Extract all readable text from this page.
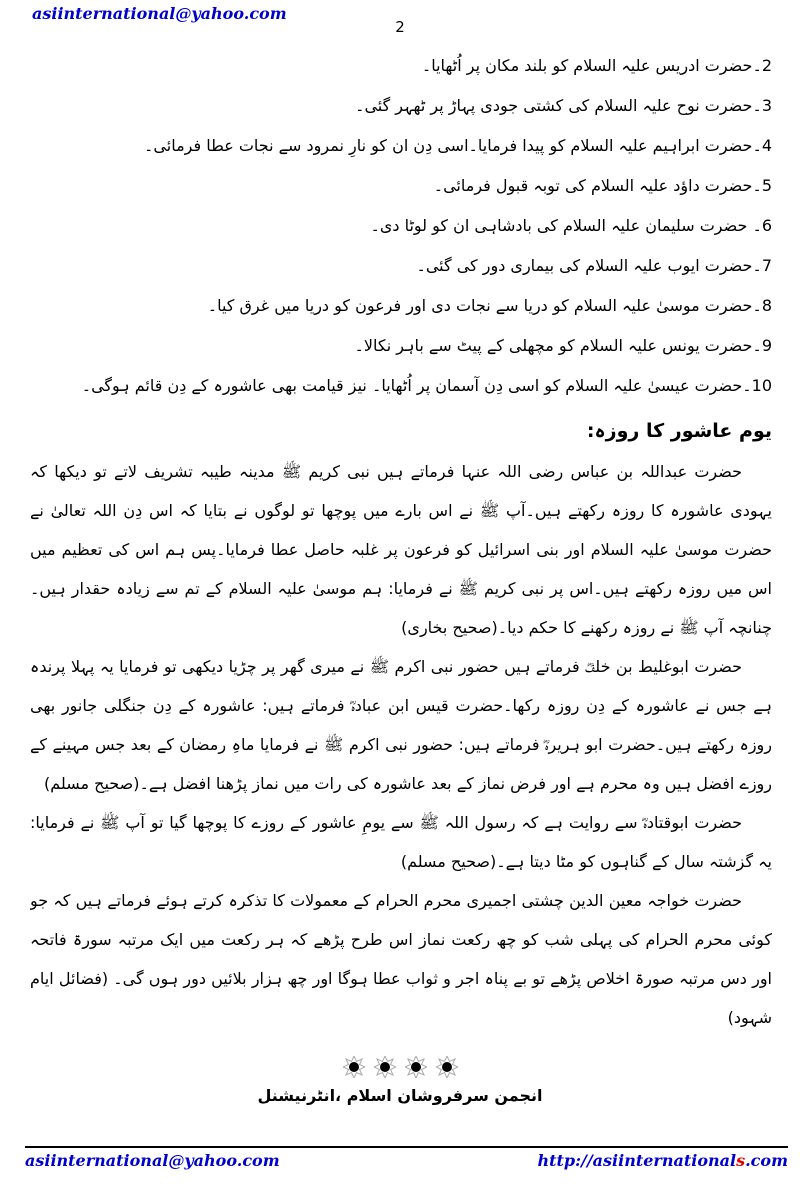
asiinternational@yahoo.com
2
2۔حضرت ادریس علیہ السلام کو بلند مکان پر اُٹھایا۔
3۔حضرت نوح علیہ السلام کی کشتی جودی پہاڑ پر ٹھہر گئی۔
4۔حضرت ابراہیم علیہ السلام کو پیدا فرمایا۔اسی دِن ان کو نارِ نمرود سے نجات عطا فرمائی۔
5۔حضرت داؤد علیہ السلام کی توبہ قبول فرمائی۔
6۔ حضرت سلیمان علیہ السلام کی بادشاہی ان کو لوٹا دی۔
7۔حضرت ایوب علیہ السلام کی بیماری دور کی گئی۔
8۔حضرت موسیٰ علیہ السلام کو دریا سے نجات دی اور فرعون کو دریا میں غرق کیا۔
9۔حضرت یونس علیہ السلام کو مچھلی کے پیٹ سے باہر نکالا۔
10۔حضرت عیسیٰ علیہ السلام کو اسی دِن آسمان پر اُٹھایا۔ نیز قیامت بھی عاشورہ کے دِن قائم ہوگی۔
یوم عاشور کا روزہ:

حضرت عبداللہ بن عباس رضی اللہ عنہا فرماتے ہیں نبی کریم ﷺ مدینہ طیبہ تشریف لاتے تو دیکھا کہ یہودی عاشورہ کا روزہ رکھتے ہیں۔آپ ﷺ نے اس بارے میں پوچھا تو لوگوں نے بتایا کہ اس دِن اللہ تعالیٰ نے حضرت موسیٰ علیہ السلام اور بنی اسرائیل کو فرعون پر غلبہ حاصل عطا فرمایا۔پس ہم اس کی تعظیم میں اس میں روزہ رکھتے ہیں۔اس پر نبی کریم ﷺ نے فرمایا: ہم موسیٰ علیہ السلام کے تم سے زیادہ حقدار ہیں۔چنانچہ آپ ﷺ نے روزہ رکھنے کا حکم دیا۔(صحیح بخاری)

حضرت ابوغلیط بن خلفؓ فرماتے ہیں حضور نبی اکرم ﷺ نے میری گھر پر چڑیا دیکھی تو فرمایا یہ پہلا پرندہ ہے جس نے عاشورہ کے دِن روزہ رکھا۔حضرت قیس ابن عبادہؓ فرماتے ہیں: عاشورہ کے دِن جنگلی جانور بھی روزہ رکھتے ہیں۔حضرت ابو ہریرہؓ فرماتے ہیں: حضور نبی اکرم ﷺ نے فرمایا ماہِ رمضان کے بعد جس مہینے کے روزے افضل ہیں وہ محرم ہے اور فرض نماز کے بعد عاشورہ کی رات میں نماز پڑھنا افضل ہے۔(صحیح مسلم)

حضرت ابوقتادہؓ سے روایت ہے کہ رسول اللہ ﷺ سے یومِ عاشور کے روزے کا پوچھا گیا تو آپ ﷺ نے فرمایا: یہ گزشتہ سال کے گناہوں کو مٹا دیتا ہے۔(صحیح مسلم)

حضرت خواجہ معین الدین چشتی اجمیری محرم الحرام کے معمولات کا تذکرہ کرتے ہوئے فرماتے ہیں کہ جو کوئی محرم الحرام کی پہلی شب کو چھ رکعت نماز اس طرح پڑھے کہ ہر رکعت میں ایک مرتبہ سورۃ فاتحہ اور دس مرتبہ صورۃ اخلاص پڑھے تو بے پناہ اجر و ثواب عطا ہوگا اور چھ ہزار بلائیں دور ہوں گی۔ (فضائل ایام شہود)

انجمن سرفروشان اسلام ،انٹرنیشنل
asiinternational@yahoo.com	http://asiinternationals.com
